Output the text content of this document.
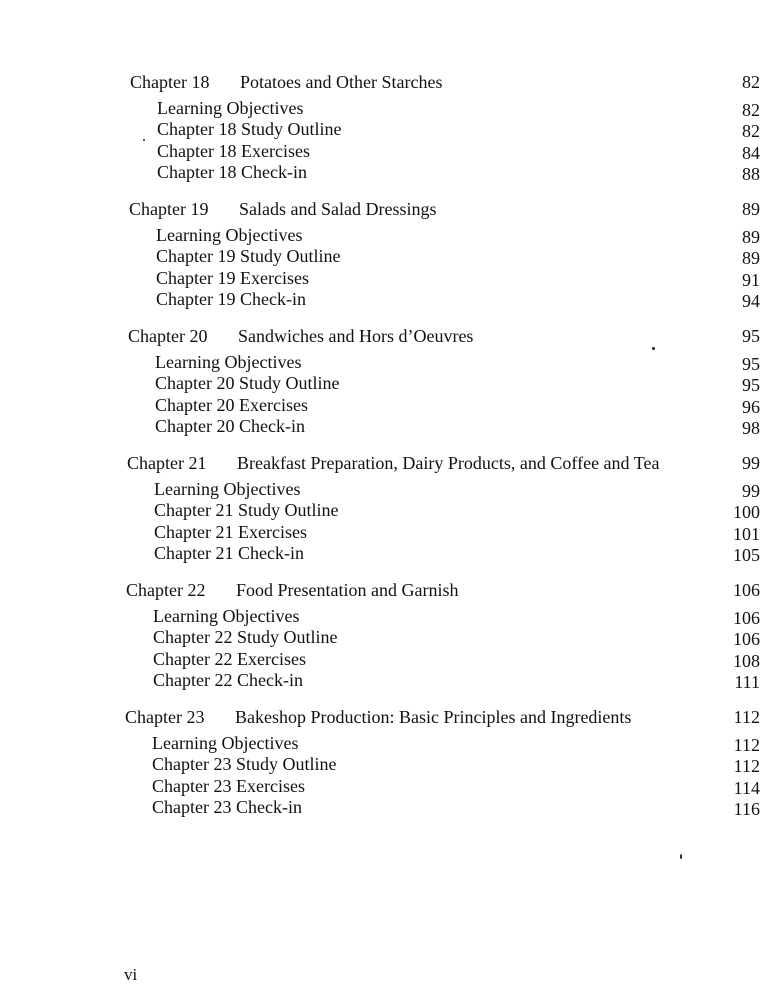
Chapter 18 Potatoes and Other Starches
Learning Objectives
Chapter 18 Study Outline
Chapter 18 Exercises
Chapter 18 Check-in
82
82
82
84
88
Chapter 19 Salads and Salad Dressings
Learning Objectives
Chapter 19 Study Outline
Chapter 19 Exercises
Chapter 19 Check-in
89
89
89
91
94
Chapter 20 Sandwiches and Hors d’Oeuvres
Learning Objectives
Chapter 20 Study Outline
Chapter 20 Exercises
Chapter 20 Check-in
95
95
95
96
98
Chapter 21 Breakfast Preparation, Dairy Products, and Coffee and Tea
Learning Objectives
Chapter 21 Study Outline
Chapter 21 Exercises
Chapter 21 Check-in
99
99
100
101
105
Chapter 22 Food Presentation and Garnish
Learning Objectives
Chapter 22 Study Outline
Chapter 22 Exercises
Chapter 22 Check-in
106
106
106
108
111
Chapter 23 Bakeshop Production: Basic Principles and Ingredients
Learning Objectives
Chapter 23 Study Outline
Chapter 23 Exercises
Chapter 23 Check-in
112
112
112
114
116
vi
